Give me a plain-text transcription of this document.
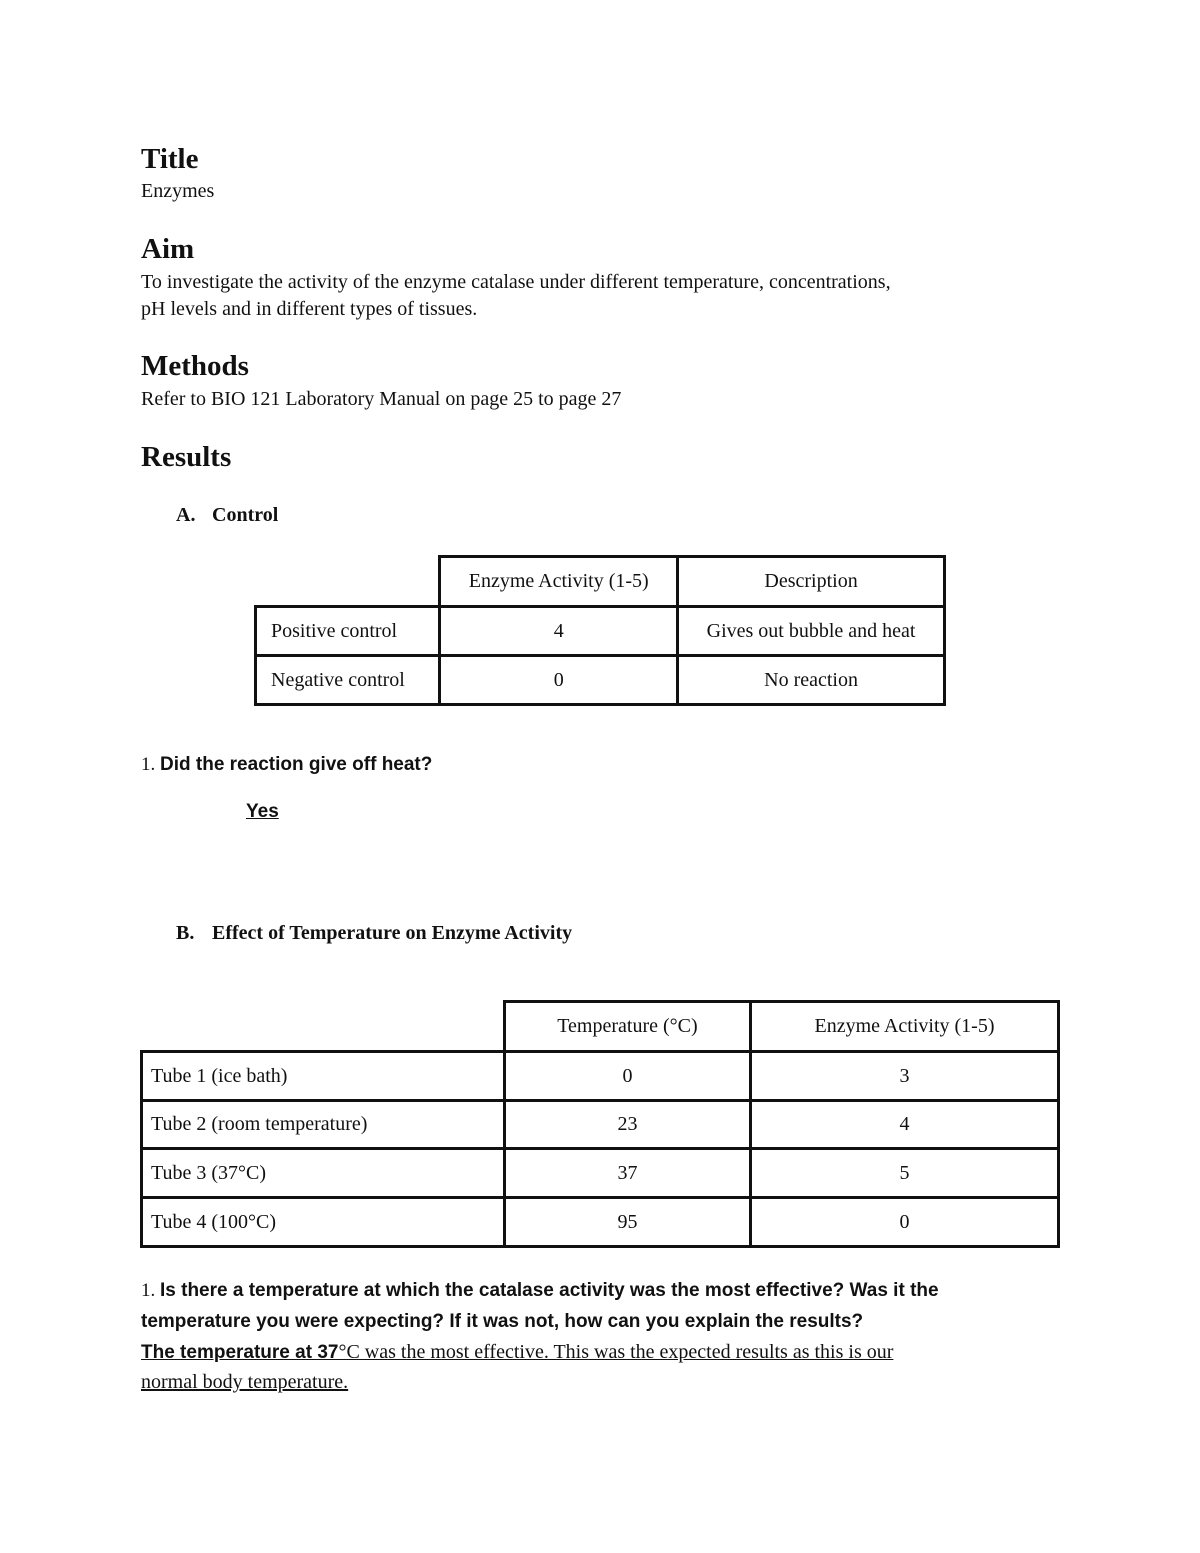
Title
Enzymes
Aim
To investigate the activity of the enzyme catalase under different temperature, concentrations,
pH levels and in different types of tissues.
Methods
Refer to BIO 121 Laboratory Manual on page 25 to page 27
Results
A. Control
	Enzyme Activity (1-5)	Description
Positive control	4	Gives out bubble and heat
Negative control	0	No reaction
1. Did the reaction give off heat?
Yes
B. Effect of Temperature on Enzyme Activity
	Temperature (°C)	Enzyme Activity (1-5)
Tube 1 (ice bath)	0	3
Tube 2 (room temperature)	23	4
Tube 3 (37°C)	37	5
Tube 4 (100°C)	95	0
1. Is there a temperature at which the catalase activity was the most effective? Was it the
temperature you were expecting? If it was not, how can you explain the results?
The temperature at 37°C was the most effective. This was the expected results as this is our
normal body temperature.
